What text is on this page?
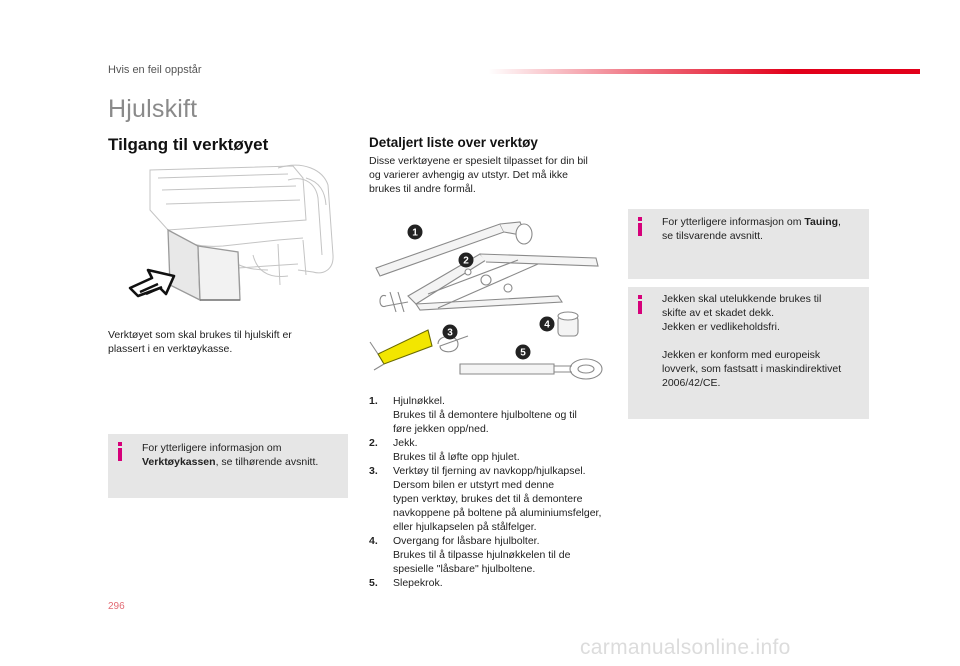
Hvis en feil oppstår
Hjulskift
Tilgang til verktøyet
Verktøyet som skal brukes til hjulskift er plassert i en verktøykasse.
For ytterligere informasjon om Verktøykassen, se tilhørende avsnitt.
Detaljert liste over verktøy
Disse verktøyene er spesielt tilpasset for din bil og varierer avhengig av utstyr. Det må ikke brukes til andre formål.
1
2
3
4
5
1. Hjulnøkkel.
Brukes til å demontere hjulboltene og til
føre jekken opp/ned.
2. Jekk.
Brukes til å løfte opp hjulet.
3. Verktøy til fjerning av navkopp/hjulkapsel.
Dersom bilen er utstyrt med denne
typen verktøy, brukes det til å demontere
navkoppene på boltene på aluminiumsfelger,
eller hjulkapselen på stålfelger.
4. Overgang for låsbare hjulbolter.
Brukes til å tilpasse hjulnøkkelen til de
spesielle "låsbare" hjulboltene.
5. Slepekrok.
For ytterligere informasjon om Tauing,
se tilsvarende avsnitt.
Jekken skal utelukkende brukes til
skifte av et skadet dekk.
Jekken er vedlikeholdsfri.
Jekken er konform med europeisk
lovverk, som fastsatt i maskindirektivet
2006/42/CE.
296
carmanualsonline.info
